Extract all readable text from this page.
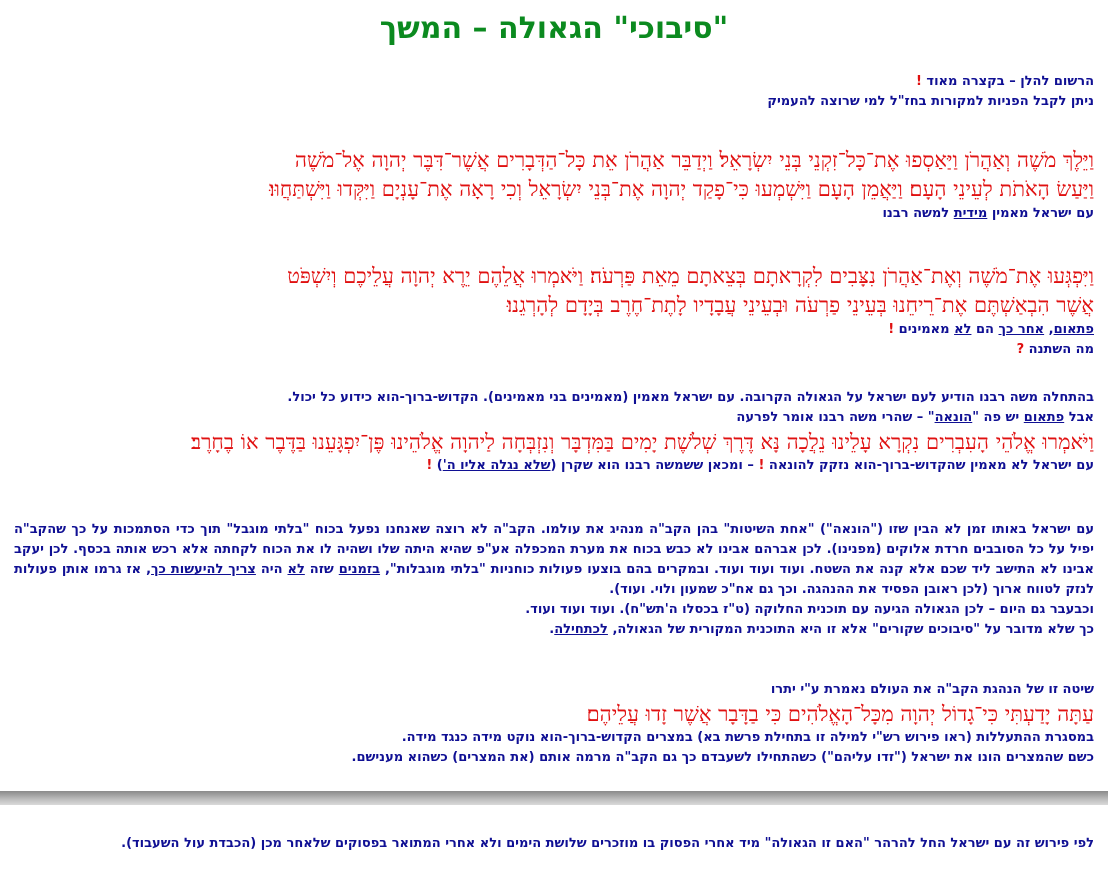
"סיבוכי" הגאולה – המשך

הרשום להלן – בקצרה מאוד !

ניתן לקבל הפניות למקורות בחז"ל למי שרוצה להעמיק

וַיֵּלֶךְ מֹשֶׁה וְאַהֲרֹן וַיַּאַסְפוּ אֶת־כָּל־זִקְנֵי בְּנֵי יִשְׂרָאֵל׃ וַיְדַבֵּר אַהֲרֹן אֵת כָּל־הַדְּבָרִים אֲשֶׁר־דִּבֶּר יְהוָה אֶל־מֹשֶׁה

וַיַּעַשׂ הָאֹתֹת לְעֵינֵי הָעָם׃ וַיַּאֲמֵן הָעָם וַיִּשְׁמְעוּ כִּי־פָקַד יְהוָה אֶת־בְּנֵי יִשְׂרָאֵל וְכִי רָאָה אֶת־עָנְיָם וַיִּקְּדוּ וַיִּשְׁתַּחֲוּוּ׃

עם ישראל מאמין מידית למשה רבנו

וַיִּפְגְּעוּ אֶת־מֹשֶׁה וְאֶת־אַהֲרֹן נִצָּבִים לִקְרָאתָם בְּצֵאתָם מֵאֵת פַּרְעֹה׃ וַיֹּאמְרוּ אֲלֵהֶם יֵרֶא יְהוָה עֲלֵיכֶם וְיִשְׁפֹּט

אֲשֶׁר הִבְאַשְׁתֶּם אֶת־רֵיחֵנוּ בְּעֵינֵי פַרְעֹה וּבְעֵינֵי עֲבָדָיו לָתֶת־חֶרֶב בְּיָדָם לְהָרְגֵנוּ׃

פתאום, אחר כך הם לא מאמינים !

מה השתנה ?

בהתחלה משה רבנו הודיע לעם ישראל על הגאולה הקרובה. עם ישראל מאמין (מאמינים בני מאמינים). הקדוש-ברוך-הוא כידוע כל יכול.

אבל פתאום יש פה "הונאה" – שהרי משה רבנו אומר לפרעה

וַיֹּאמְרוּ אֱלֹהֵי הָעִבְרִים נִקְרָא עָלֵינוּ נֵלֲכָה נָּא דֶּרֶךְ שְׁלֹשֶׁת יָמִים בַּמִּדְבָּר וְנִזְבְּחָה לַיהוָה אֱלֹהֵינוּ פֶּן־יִפְגָּעֵנוּ בַּדֶּבֶר אוֹ בֶחָרֶב׃

עם ישראל לא מאמין שהקדוש-ברוך-הוא נזקק להונאה ! – ומכאן ששמשה רבנו הוא שקרן (שלא נגלה אליו ה') !

עם ישראל באותו זמן לא הבין שזו ("הונאה") "אחת השיטות" בהן הקב"ה מנהיג את עולמו. הקב"ה לא רוצה שאנחנו נפעל בכוח "בלתי מוגבל" תוך כדי הסתמכות על כך שהקב"ה יפיל על כל הסובבים חרדת אלוקים (מפנינו). לכן אברהם אבינו לא כבש בכוח את מערת המכפלה אע"פ שהיא היתה שלו ושהיה לו את הכוח לקחתה אלא רכש אותה בכסף. לכן יעקב אבינו לא התישב ליד שכם אלא קנה את השטח. ועוד ועוד ועוד. ובמקרים בהם בוצעו פעולות כוחניות "בלתי מוגבלות", בזמנים שזה לא היה צריך להיעשות כך, אז גרמו אותן פעולות לנזק לטווח ארוך (לכן ראובן הפסיד את ההנהגה. וכך גם אח"כ שמעון ולוי. ועוד).

וכבעבר גם היום – לכן הגאולה הגיעה עם תוכנית החלוקה (ט"ז בכסלו ה'תש"ח). ועוד ועוד ועוד.

כך שלא מדובר על "סיבוכים שקורים" אלא זו היא התוכנית המקורית של הגאולה, לכתחילה.

שיטה זו של הנהגת הקב"ה את העולם נאמרת ע"י יתרו

עַתָּה יָדַעְתִּי כִּי־גָדוֹל יְהוָה מִכָּל־הָאֱלֹהִים כִּי בַדָּבָר אֲשֶׁר זָדוּ עֲלֵיהֶם׃

במסגרת ההתעללות (ראו פירוש רש"י למילה זו בתחילת פרשת בא) במצרים הקדוש-ברוך-הוא נוקט מידה כנגד מידה.

כשם שהמצרים הונו את ישראל ("זדו עליהם") כשהתחילו לשעבדם כך גם הקב"ה מרמה אותם (את המצרים) כשהוא מענישם.

לפי פירוש זה עם ישראל החל להרהר "האם זו הגאולה" מיד אחרי הפסוק בו מוזכרים שלושת הימים ולא אחרי המתואר בפסוקים שלאחר מכן (הכבדת עול השעבוד).
